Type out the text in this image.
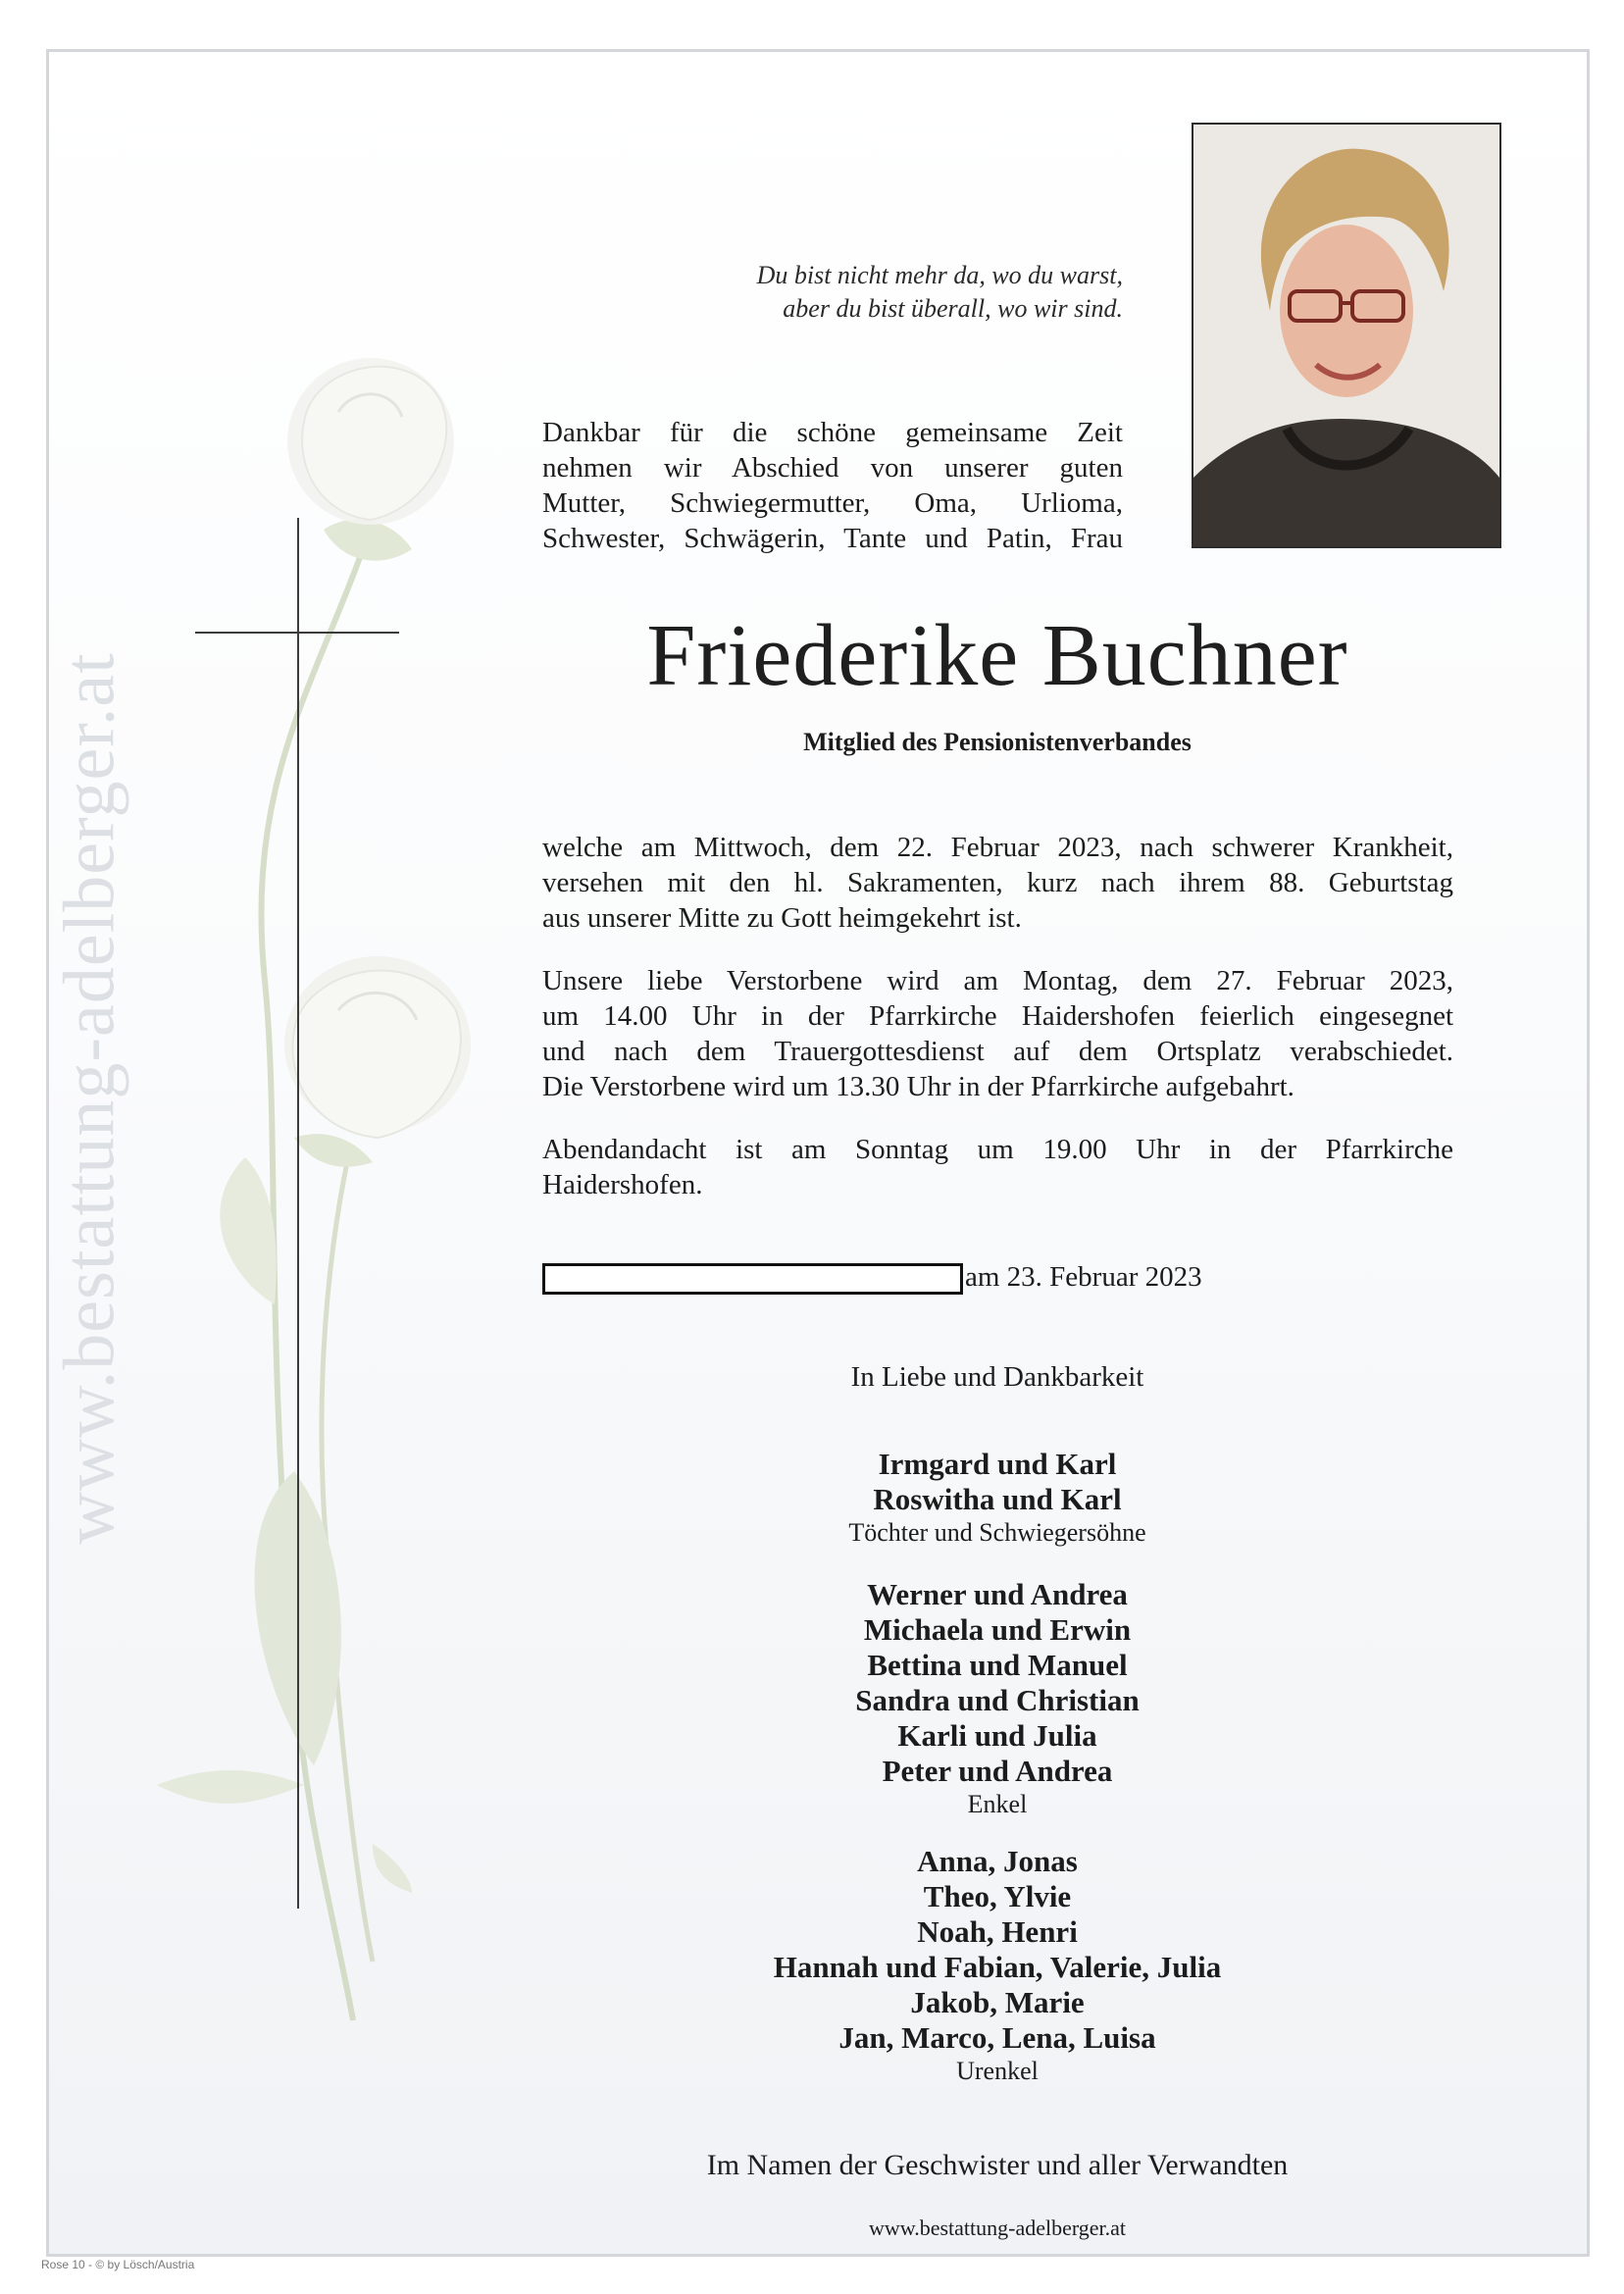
www.bestattung-adelberger.at
Du bist nicht mehr da, wo du warst,
aber du bist überall, wo wir sind.
Dankbar für die schöne gemeinsame Zeit
nehmen wir Abschied von unserer guten
Mutter, Schwiegermutter, Oma, Urlioma,
Schwester, Schwägerin, Tante und Patin, Frau
Friederike Buchner
Mitglied des Pensionistenverbandes
welche am Mittwoch, dem 22. Februar 2023, nach schwerer Krankheit,
versehen mit den hl. Sakramenten, kurz nach ihrem 88. Geburtstag
aus unserer Mitte zu Gott heimgekehrt ist.
Unsere liebe Verstorbene wird am Montag, dem 27. Februar 2023,
um 14.00 Uhr in der Pfarrkirche Haidershofen feierlich eingesegnet
und nach dem Trauergottesdienst auf dem Ortsplatz verabschiedet.
Die Verstorbene wird um 13.30 Uhr in der Pfarrkirche aufgebahrt.
Abendandacht ist am Sonntag um 19.00 Uhr in der Pfarrkirche
Haidershofen.
am 23. Februar 2023
In Liebe und Dankbarkeit
Irmgard und Karl
Roswitha und Karl
Töchter und Schwiegersöhne
Werner und Andrea
Michaela und Erwin
Bettina und Manuel
Sandra und Christian
Karli und Julia
Peter und Andrea
Enkel
Anna, Jonas
Theo, Ylvie
Noah, Henri
Hannah und Fabian, Valerie, Julia
Jakob, Marie
Jan, Marco, Lena, Luisa
Urenkel
Im Namen der Geschwister und aller Verwandten
www.bestattung-adelberger.at
Rose 10 - © by Lösch/Austria
